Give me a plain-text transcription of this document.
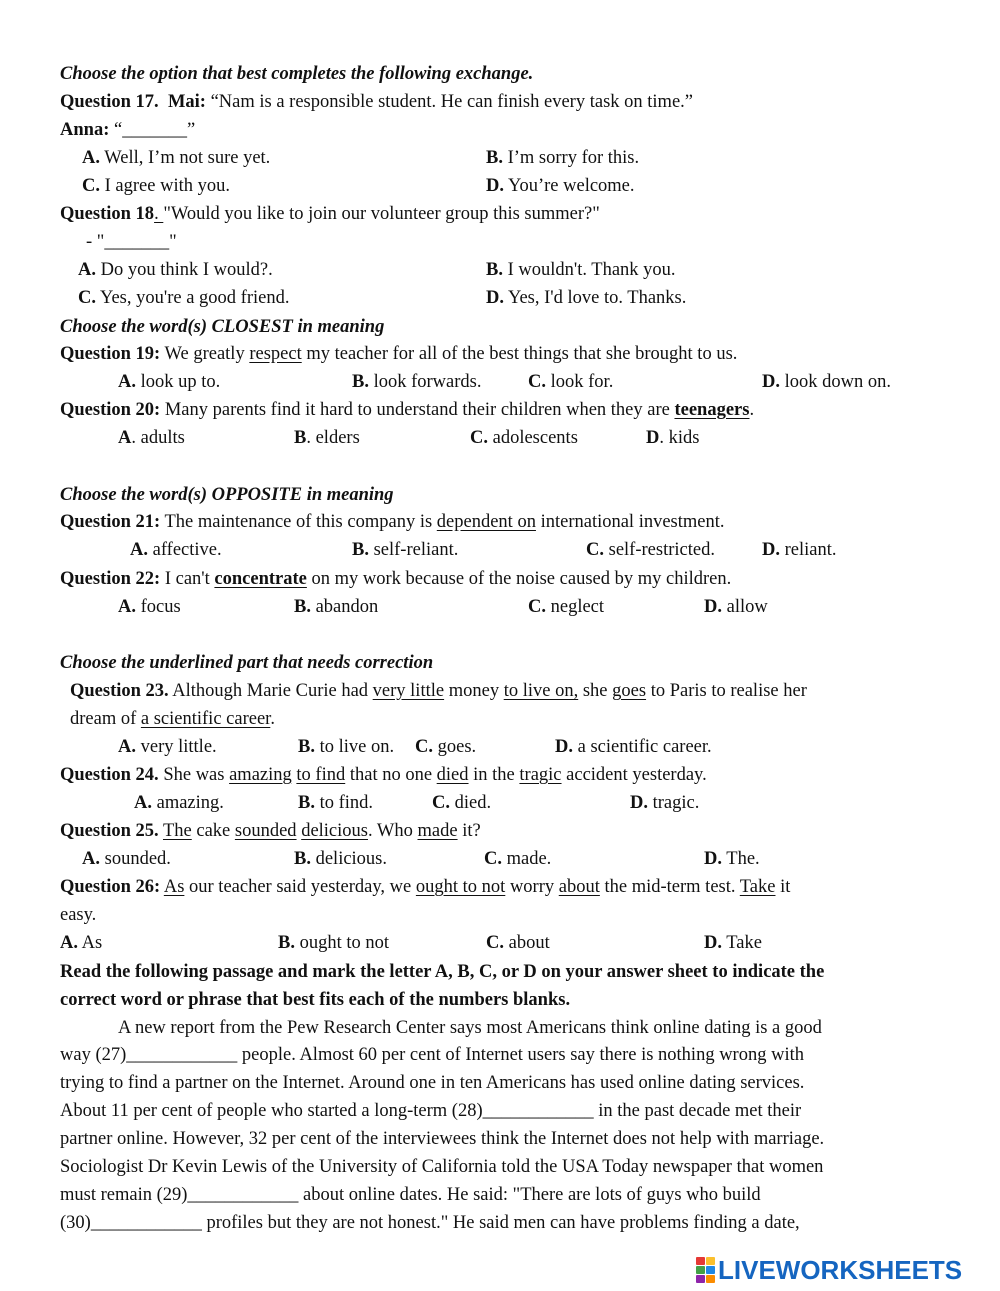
Choose the option that best completes the following exchange.
Question 17. Mai: “Nam is a responsible student. He can finish every task on time.”
Anna: “_______”
A. Well, I’m not sure yet.	B. I’m sorry for this.
C. I agree with you.	D. You’re welcome.
Question 18. "Would you like to join our volunteer group this summer?"
- "_______"
A. Do you think I would?.	B. I wouldn't. Thank you.
C. Yes, you're a good friend.	D. Yes, I'd love to. Thanks.
Choose the word(s) CLOSEST in meaning
Question 19: We greatly respect my teacher for all of the best things that she brought to us.
A. look up to.	B. look forwards.	C. look for.	D. look down on.
Question 20: Many parents find it hard to understand their children when they are teenagers.
A. adults	B. elders	C. adolescents	D. kids
Choose the word(s) OPPOSITE in meaning
Question 21: The maintenance of this company is dependent on international investment.
A. affective.	B. self-reliant.	C. self-restricted.	D. reliant.
Question 22: I can't concentrate on my work because of the noise caused by my children.
A. focus	B. abandon	C. neglect	D. allow
Choose the underlined part that needs correction
Question 23. Although Marie Curie had very little money to live on, she goes to Paris to realise her
dream of a scientific career.
A. very little.	B. to live on. C. goes.	D. a scientific career.
Question 24. She was amazing to find that no one died in the tragic accident yesterday.
A. amazing.	B. to find.	C. died.	D. tragic.
Question 25. The cake sounded delicious. Who made it?
A. sounded.	B. delicious.	C. made.	D. The.
Question 26: As our teacher said yesterday, we ought to not worry about the mid-term test. Take it
easy.
A. As	B. ought to not	C. about	D. Take
Read the following passage and mark the letter A, B, C, or D on your answer sheet to indicate the
correct word or phrase that best fits each of the numbers blanks.
A new report from the Pew Research Center says most Americans think online dating is a good
way (27)____________ people. Almost 60 per cent of Internet users say there is nothing wrong with
trying to find a partner on the Internet. Around one in ten Americans has used online dating services.
About 11 per cent of people who started a long-term (28)____________ in the past decade met their
partner online. However, 32 per cent of the interviewees think the Internet does not help with marriage.
Sociologist Dr Kevin Lewis of the University of California told the USA Today newspaper that women
must remain (29)____________ about online dates. He said: "There are lots of guys who build
(30)____________ profiles but they are not honest." He said men can have problems finding a date,
LIVEWORKSHEETS
